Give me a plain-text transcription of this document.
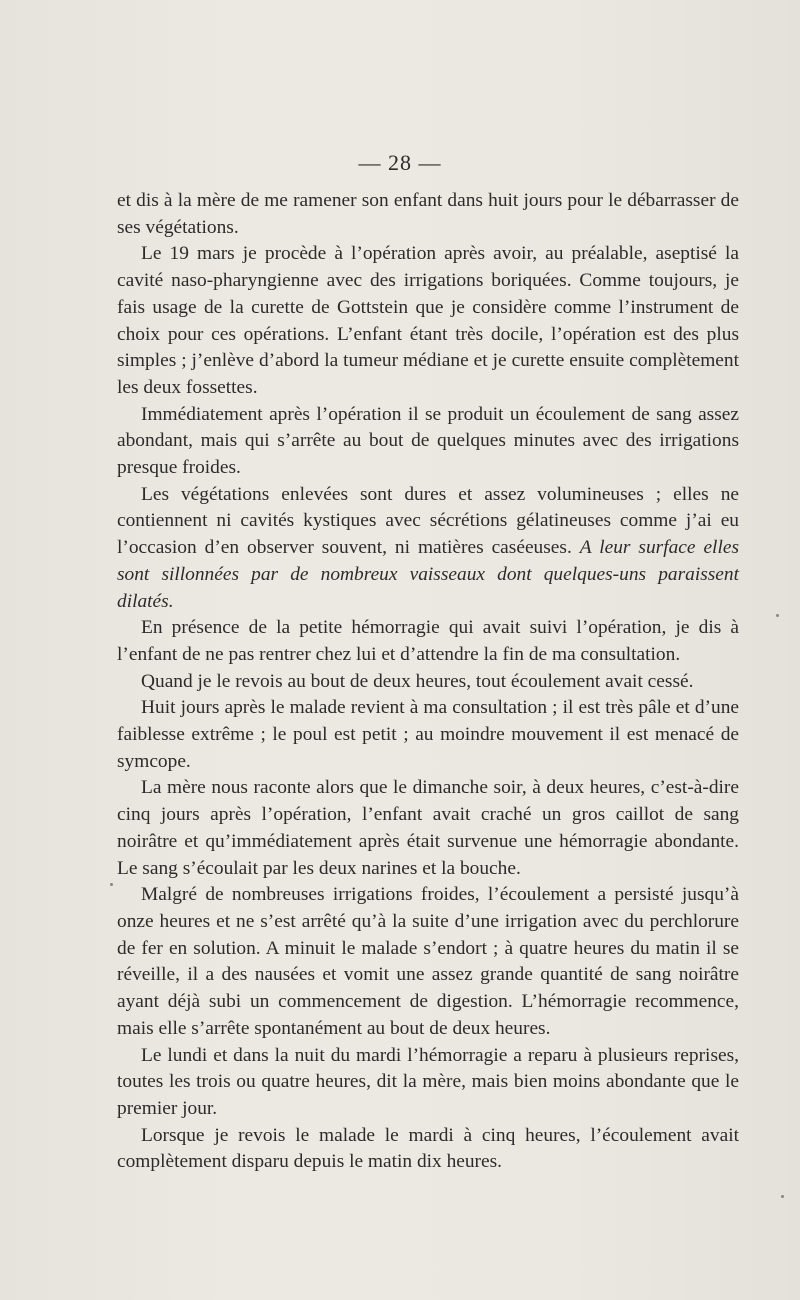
— 28 —

et dis à la mère de me ramener son enfant dans huit jours pour le débarrasser de ses végétations.

Le 19 mars je procède à l’opération après avoir, au préalable, aseptisé la cavité naso-pharyngienne avec des irrigations boriquées. Comme toujours, je fais usage de la curette de Gottstein que je considère comme l’instrument de choix pour ces opérations. L’enfant étant très docile, l’opération est des plus simples ; j’enlève d’abord la tumeur médiane et je curette ensuite complètement les deux fossettes.

Immédiatement après l’opération il se produit un écoulement de sang assez abondant, mais qui s’arrête au bout de quelques minutes avec des irrigations presque froides.

Les végétations enlevées sont dures et assez volumineuses ; elles ne contiennent ni cavités kystiques avec sécrétions gélatineuses comme j’ai eu l’occasion d’en observer souvent, ni matières caséeuses. A leur surface elles sont sillonnées par de nombreux vaisseaux dont quelques-uns paraissent dilatés.

En présence de la petite hémorragie qui avait suivi l’opération, je dis à l’enfant de ne pas rentrer chez lui et d’attendre la fin de ma consultation.

Quand je le revois au bout de deux heures, tout écoulement avait cessé.

Huit jours après le malade revient à ma consultation ; il est très pâle et d’une faiblesse extrême ; le poul est petit ; au moindre mouvement il est menacé de symcope.

La mère nous raconte alors que le dimanche soir, à deux heures, c’est-à-dire cinq jours après l’opération, l’enfant avait craché un gros caillot de sang noirâtre et qu’immédiatement après était survenue une hémorragie abondante. Le sang s’écoulait par les deux narines et la bouche.

Malgré de nombreuses irrigations froides, l’écoulement a persisté jusqu’à onze heures et ne s’est arrêté qu’à la suite d’une irrigation avec du perchlorure de fer en solution. A minuit le malade s’endort ; à quatre heures du matin il se réveille, il a des nausées et vomit une assez grande quantité de sang noirâtre ayant déjà subi un commencement de digestion. L’hémorragie recommence, mais elle s’arrête spontanément au bout de deux heures.

Le lundi et dans la nuit du mardi l’hémorragie a reparu à plusieurs reprises, toutes les trois ou quatre heures, dit la mère, mais bien moins abondante que le premier jour.

Lorsque je revois le malade le mardi à cinq heures, l’écoulement avait complètement disparu depuis le matin dix heures.
